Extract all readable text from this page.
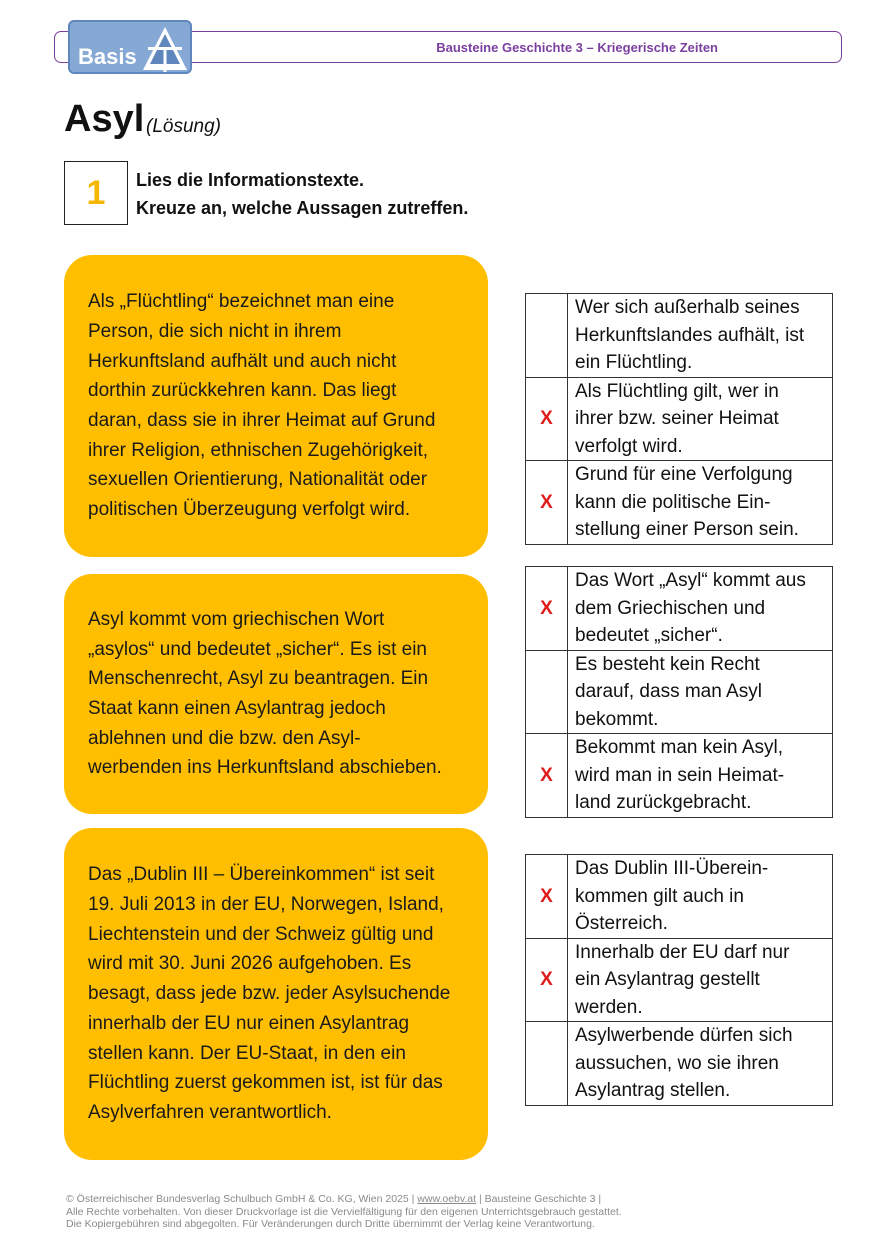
Basis	Bausteine Geschichte 3 – Kriegerische Zeiten
Asyl (Lösung)
1 Lies die Informationstexte.
Kreuze an, welche Aussagen zutreffen.
Als „Flüchtling“ bezeichnet man eine
Person, die sich nicht in ihrem
Herkunftsland aufhält und auch nicht
dorthin zurückkehren kann. Das liegt
daran, dass sie in ihrer Heimat auf Grund
ihrer Religion, ethnischen Zugehörigkeit,
sexuellen Orientierung, Nationalität oder
politischen Überzeugung verfolgt wird.
	Wer sich außerhalb seines
Herkunftslandes aufhält, ist
ein Flüchtling.
X	Als Flüchtling gilt, wer in
ihrer bzw. seiner Heimat
verfolgt wird.
X	Grund für eine Verfolgung
kann die politische Ein-
stellung einer Person sein.
Asyl kommt vom griechischen Wort
„asylos“ und bedeutet „sicher“. Es ist ein
Menschenrecht, Asyl zu beantragen. Ein
Staat kann einen Asylantrag jedoch
ablehnen und die bzw. den Asyl-
werbenden ins Herkunftsland abschieben.
X	Das Wort „Asyl“ kommt aus
dem Griechischen und
bedeutet „sicher“.
	Es besteht kein Recht
darauf, dass man Asyl
bekommt.
X	Bekommt man kein Asyl,
wird man in sein Heimat-
land zurückgebracht.
Das „Dublin III – Übereinkommen“ ist seit
19. Juli 2013 in der EU, Norwegen, Island,
Liechtenstein und der Schweiz gültig und
wird mit 30. Juni 2026 aufgehoben. Es
besagt, dass jede bzw. jeder Asylsuchende
innerhalb der EU nur einen Asylantrag
stellen kann. Der EU-Staat, in den ein
Flüchtling zuerst gekommen ist, ist für das
Asylverfahren verantwortlich.
X	Das Dublin III-Überein-
kommen gilt auch in
Österreich.
X	Innerhalb der EU darf nur
ein Asylantrag gestellt
werden.
	Asylwerbende dürfen sich
aussuchen, wo sie ihren
Asylantrag stellen.
© Österreichischer Bundesverlag Schulbuch GmbH & Co. KG, Wien 2025 | www.oebv.at | Bausteine Geschichte 3 |
Alle Rechte vorbehalten. Von dieser Druckvorlage ist die Vervielfältigung für den eigenen Unterrichtsgebrauch gestattet.
Die Kopiergebühren sind abgegolten. Für Veränderungen durch Dritte übernimmt der Verlag keine Verantwortung.
